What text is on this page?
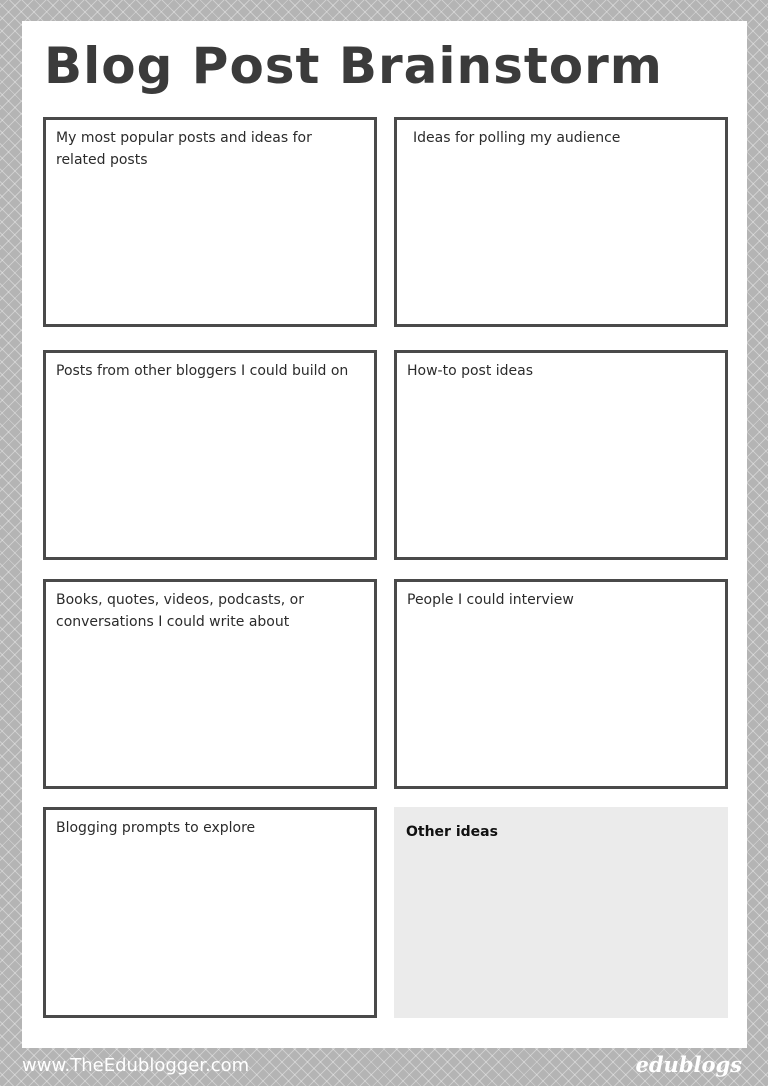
Blog Post Brainstorm

My most popular posts and ideas for related posts

Ideas for polling my audience

Posts from other bloggers I could build on	How-to post ideas

Books, quotes, videos, podcasts, or conversations I could write about

People I could interview

Blogging prompts to explore	Other ideas

www.TheEdublogger.com	edublogs
